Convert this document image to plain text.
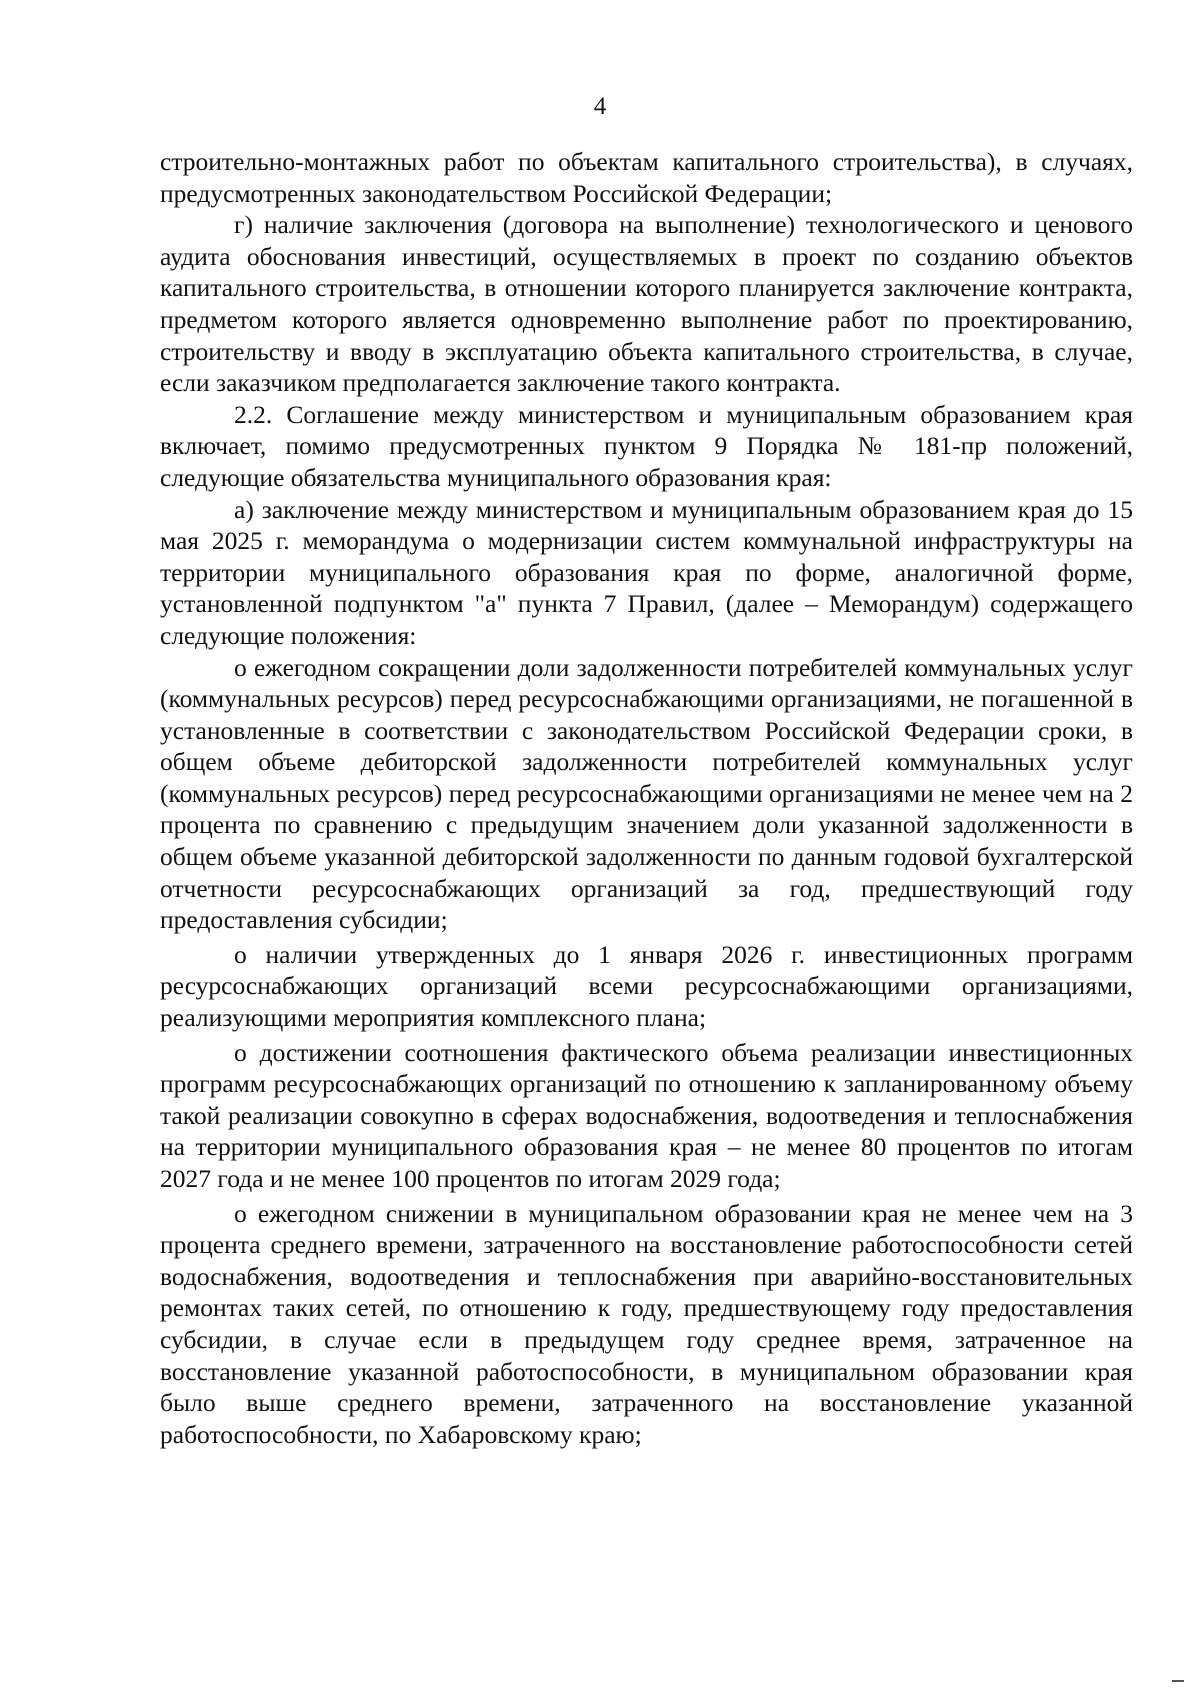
4

строительно-монтажных работ по объектам капитального строительства), в случаях, предусмотренных законодательством Российской Федерации;

г) наличие заключения (договора на выполнение) технологического и ценового аудита обоснования инвестиций, осуществляемых в проект по созданию объектов капитального строительства, в отношении которого планируется заключение контракта, предметом которого является одновременно выполнение работ по проектированию, строительству и вводу в эксплуатацию объекта капитального строительства, в случае, если заказчиком предполагается заключение такого контракта.

2.2. Соглашение между министерством и муниципальным образованием края включает, помимо предусмотренных пунктом 9 Порядка № 181-пр положений, следующие обязательства муниципального образования края:

а) заключение между министерством и муниципальным образованием края до 15 мая 2025 г. меморандума о модернизации систем коммунальной инфраструктуры на территории муниципального образования края по форме, аналогичной форме, установленной подпунктом "а" пункта 7 Правил, (далее – Меморандум) содержащего следующие положения:

о ежегодном сокращении доли задолженности потребителей коммунальных услуг (коммунальных ресурсов) перед ресурсоснабжающими организациями, не погашенной в установленные в соответствии с законодательством Российской Федерации сроки, в общем объеме дебиторской задолженности потребителей коммунальных услуг (коммунальных ресурсов) перед ресурсоснабжающими организациями не менее чем на 2 процента по сравнению с предыдущим значением доли указанной задолженности в общем объеме указанной дебиторской задолженности по данным годовой бухгалтерской отчетности ресурсоснабжающих организаций за год, предшествующий году предоставления субсидии;

о наличии утвержденных до 1 января 2026 г. инвестиционных программ ресурсоснабжающих организаций всеми ресурсоснабжающими организациями, реализующими мероприятия комплексного плана;

о достижении соотношения фактического объема реализации инвестиционных программ ресурсоснабжающих организаций по отношению к запланированному объему такой реализации совокупно в сферах водоснабжения, водоотведения и теплоснабжения на территории муниципального образования края – не менее 80 процентов по итогам 2027 года и не менее 100 процентов по итогам 2029 года;

о ежегодном снижении в муниципальном образовании края не менее чем на 3 процента среднего времени, затраченного на восстановление работоспособности сетей водоснабжения, водоотведения и теплоснабжения при аварийно-восстановительных ремонтах таких сетей, по отношению к году, предшествующему году предоставления субсидии, в случае если в предыдущем году среднее время, затраченное на восстановление указанной работоспособности, в муниципальном образовании края было выше среднего времени, затраченного на восстановление указанной работоспособности, по Хабаровскому краю;
